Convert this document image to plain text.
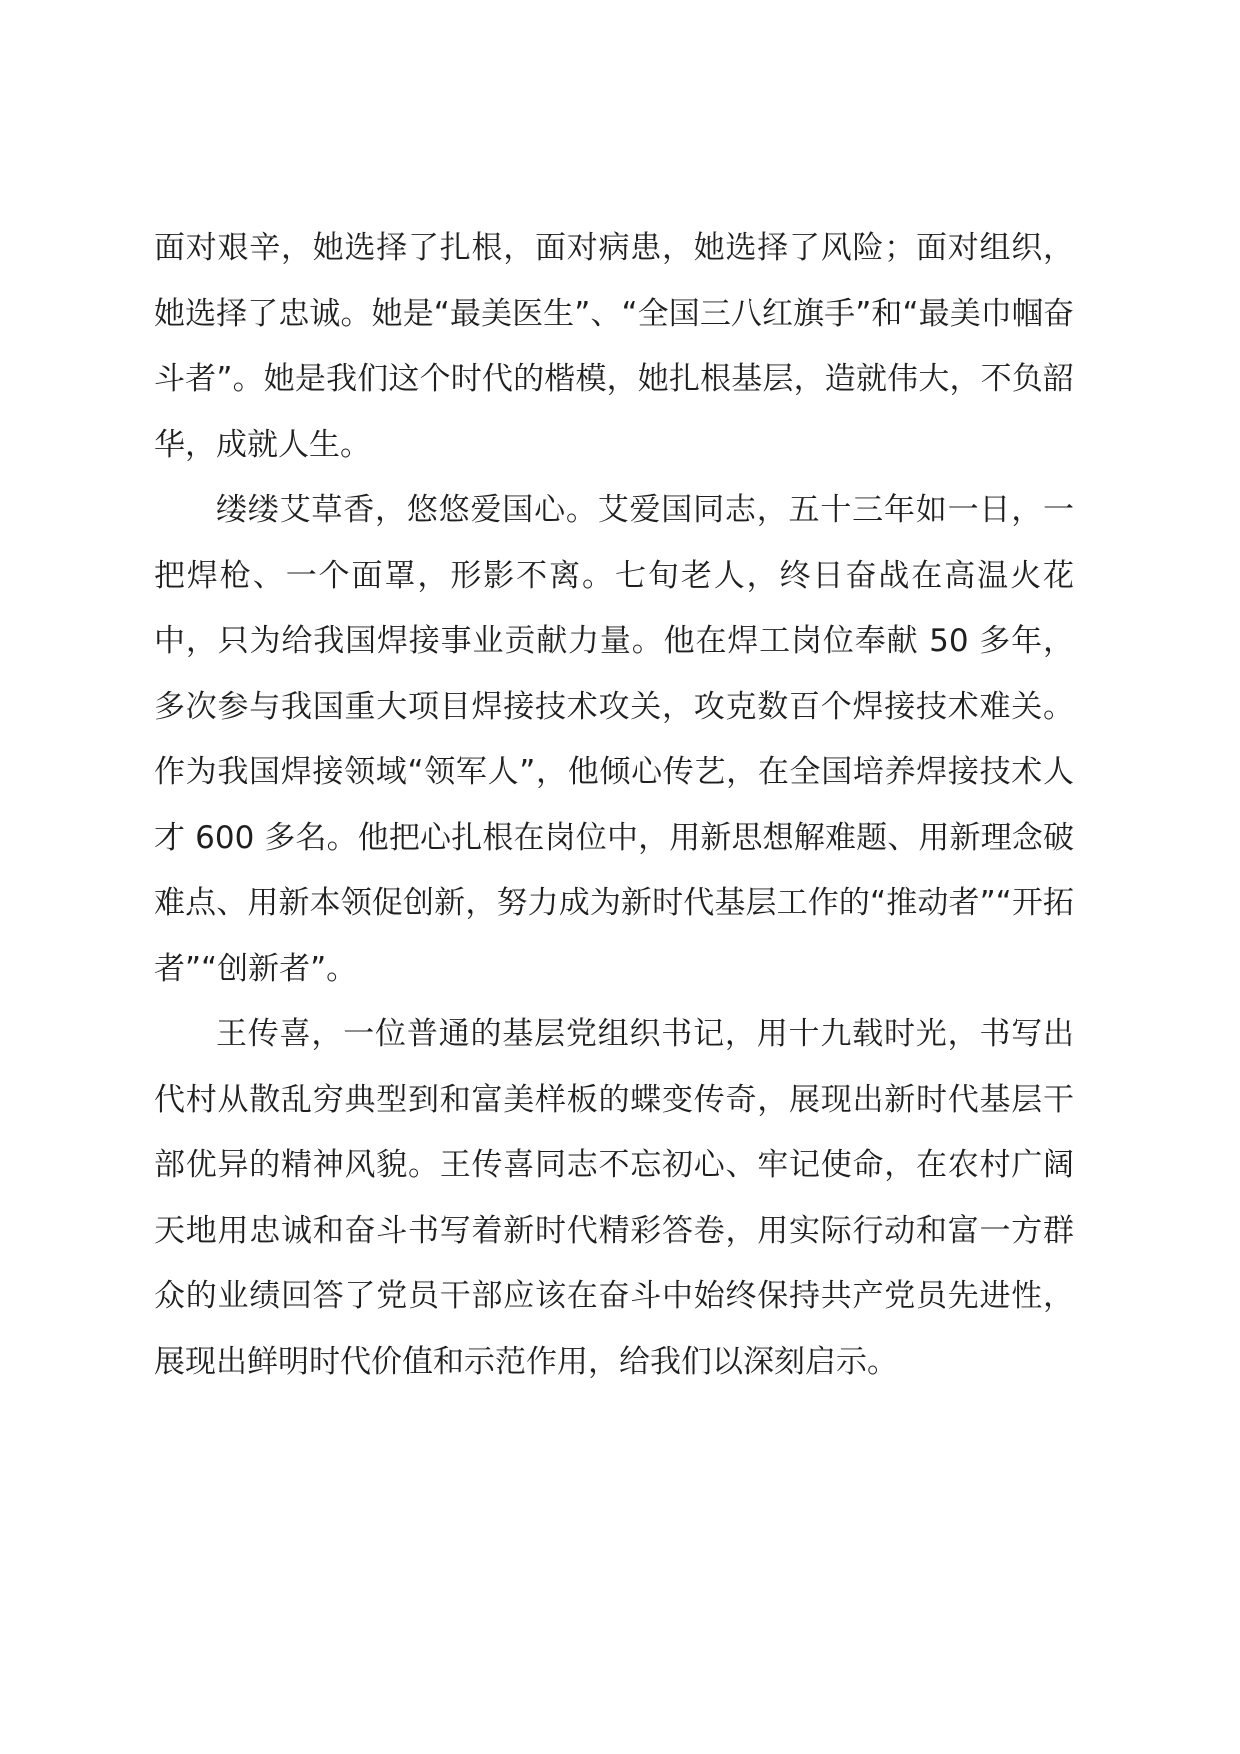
面对艰辛，她选择了扎根，面对病患，她选择了风险；面对组织，她选择了忠诚。她是“最美医生”、“全国三八红旗手”和“最美巾帼奋斗者”。她是我们这个时代的楷模，她扎根基层，造就伟大，不负韶华，成就人生。

缕缕艾草香，悠悠爱国心。艾爱国同志，五十三年如一日，一把焊枪、一个面罩，形影不离。七旬老人，终日奋战在高温火花中，只为给我国焊接事业贡献力量。他在焊工岗位奉献 50 多年，多次参与我国重大项目焊接技术攻关，攻克数百个焊接技术难关。作为我国焊接领域“领军人”，他倾心传艺，在全国培养焊接技术人才 600 多名。他把心扎根在岗位中，用新思想解难题、用新理念破难点、用新本领促创新，努力成为新时代基层工作的“推动者”“开拓者”“创新者”。

王传喜，一位普通的基层党组织书记，用十九载时光，书写出代村从散乱穷典型到和富美样板的蝶变传奇，展现出新时代基层干部优异的精神风貌。王传喜同志不忘初心、牢记使命，在农村广阔天地用忠诚和奋斗书写着新时代精彩答卷，用实际行动和富一方群众的业绩回答了党员干部应该在奋斗中始终保持共产党员先进性，展现出鲜明时代价值和示范作用，给我们以深刻启示。
